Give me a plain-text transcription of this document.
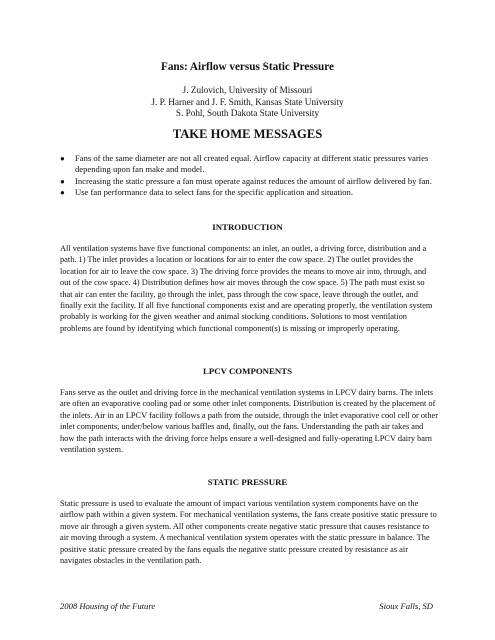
Fans: Airflow versus Static Pressure
J. Zulovich, University of Missouri
J. P. Harner and J. F. Smith, Kansas State University
S. Pohl, South Dakota State University
TAKE HOME MESSAGES
● Fans of the same diameter are not all created equal. Airflow capacity at different static pressures varies depending upon fan make and model.
● Increasing the static pressure a fan must operate against reduces the amount of airflow delivered by fan.
● Use fan performance data to select fans for the specific application and situation.
INTRODUCTION

All ventilation systems have five functional components: an inlet, an outlet, a driving force, distribution and a path. 1) The inlet provides a location or locations for air to enter the cow space. 2) The outlet provides the location for air to leave the cow space. 3) The driving force provides the means to move air into, through, and out of the cow space. 4) Distribution defines how air moves through the cow space. 5) The path must exist so that air can enter the facility, go through the inlet, pass through the cow space, leave through the outlet, and finally exit the facility. If all five functional components exist and are operating properly, the ventilation system probably is working for the given weather and animal stocking conditions. Solutions to most ventilation problems are found by identifying which functional component(s) is missing or improperly operating.

LPCV COMPONENTS

Fans serve as the outlet and driving force in the mechanical ventilation systems in LPCV dairy barns. The inlets are often an evaporative cooling pad or some other inlet components. Distribution is created by the placement of the inlets. Air in an LPCV facility follows a path from the outside, through the inlet evaporative cool cell or other inlet components, under/below various baffles and, finally, out the fans. Understanding the path air takes and how the path interacts with the driving force helps ensure a well-designed and fully-operating LPCV dairy barn ventilation system.

STATIC PRESSURE

Static pressure is used to evaluate the amount of impact various ventilation system components have on the airflow path within a given system. For mechanical ventilation systems, the fans create positive static pressure to move air through a given system. All other components create negative static pressure that causes resistance to air moving through a system. A mechanical ventilation system operates with the static pressure in balance. The positive static pressure created by the fans equals the negative static pressure created by resistance as air navigates obstacles in the ventilation path.

2008 Housing of the Future	Sioux Falls, SD
